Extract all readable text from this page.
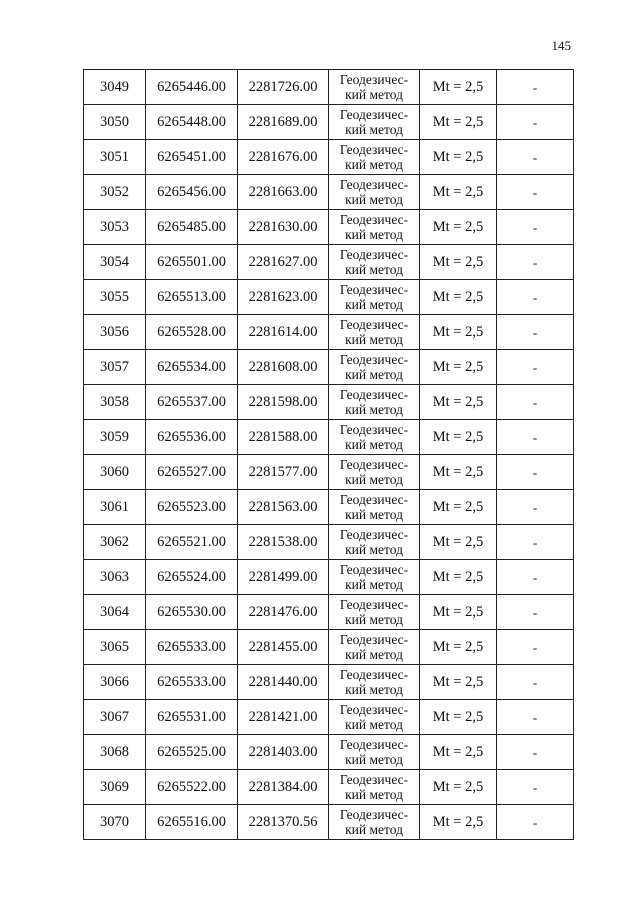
145
3049	6265446.00	2281726.00	Геодезичес-
кий метод	Mt = 2,5	-
3050	6265448.00	2281689.00	Геодезичес-
кий метод	Mt = 2,5	-
3051	6265451.00	2281676.00	Геодезичес-
кий метод	Mt = 2,5	-
3052	6265456.00	2281663.00	Геодезичес-
кий метод	Mt = 2,5	-
3053	6265485.00	2281630.00	Геодезичес-
кий метод	Mt = 2,5	-
3054	6265501.00	2281627.00	Геодезичес-
кий метод	Mt = 2,5	-
3055	6265513.00	2281623.00	Геодезичес-
кий метод	Mt = 2,5	-
3056	6265528.00	2281614.00	Геодезичес-
кий метод	Mt = 2,5	-
3057	6265534.00	2281608.00	Геодезичес-
кий метод	Mt = 2,5	-
3058	6265537.00	2281598.00	Геодезичес-
кий метод	Mt = 2,5	-
3059	6265536.00	2281588.00	Геодезичес-
кий метод	Mt = 2,5	-
3060	6265527.00	2281577.00	Геодезичес-
кий метод	Mt = 2,5	-
3061	6265523.00	2281563.00	Геодезичес-
кий метод	Mt = 2,5	-
3062	6265521.00	2281538.00	Геодезичес-
кий метод	Mt = 2,5	-
3063	6265524.00	2281499.00	Геодезичес-
кий метод	Mt = 2,5	-
3064	6265530.00	2281476.00	Геодезичес-
кий метод	Mt = 2,5	-
3065	6265533.00	2281455.00	Геодезичес-
кий метод	Mt = 2,5	-
3066	6265533.00	2281440.00	Геодезичес-
кий метод	Mt = 2,5	-
3067	6265531.00	2281421.00	Геодезичес-
кий метод	Mt = 2,5	-
3068	6265525.00	2281403.00	Геодезичес-
кий метод	Mt = 2,5	-
3069	6265522.00	2281384.00	Геодезичес-
кий метод	Mt = 2,5	-
3070	6265516.00	2281370.56	Геодезичес-
кий метод	Mt = 2,5	-
